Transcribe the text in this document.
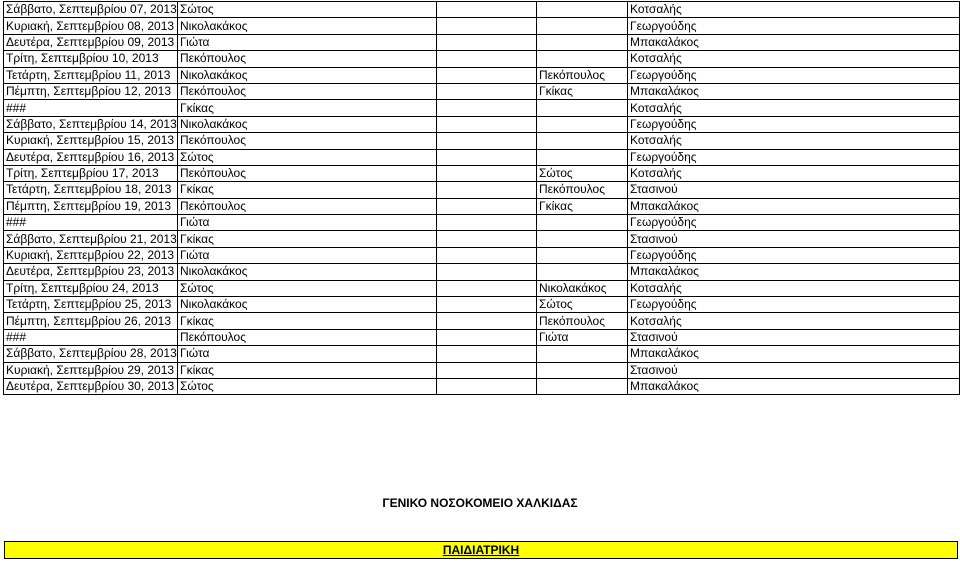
Σάββατο, Σεπτεμβρίου 07, 2013	Σώτος			Κοτσαλής
Κυριακή, Σεπτεμβρίου 08, 2013	Νικολακάκος			Γεωργούδης
Δευτέρα, Σεπτεμβρίου 09, 2013	Γιώτα			Μπακαλάκος
Τρίτη, Σεπτεμβρίου 10, 2013	Πεκόπουλος			Κοτσαλής
Τετάρτη, Σεπτεμβρίου 11, 2013	Νικολακάκος		Πεκόπουλος	Γεωργούδης
Πέμπτη, Σεπτεμβρίου 12, 2013	Πεκόπουλος		Γκίκας	Μπακαλάκος
###	Γκίκας			Κοτσαλής
Σάββατο, Σεπτεμβρίου 14, 2013	Νικολακάκος			Γεωργούδης
Κυριακή, Σεπτεμβρίου 15, 2013	Πεκόπουλος			Κοτσαλής
Δευτέρα, Σεπτεμβρίου 16, 2013	Σώτος			Γεωργούδης
Τρίτη, Σεπτεμβρίου 17, 2013	Πεκόπουλος		Σώτος	Κοτσαλής
Τετάρτη, Σεπτεμβρίου 18, 2013	Γκίκας		Πεκόπουλος	Στασινού
Πέμπτη, Σεπτεμβρίου 19, 2013	Πεκόπουλος		Γκίκας	Μπακαλάκος
###	Γιώτα			Γεωργούδης
Σάββατο, Σεπτεμβρίου 21, 2013	Γκίκας			Στασινού
Κυριακή, Σεπτεμβρίου 22, 2013	Γιώτα			Γεωργούδης
Δευτέρα, Σεπτεμβρίου 23, 2013	Νικολακάκος			Μπακαλάκος
Τρίτη, Σεπτεμβρίου 24, 2013	Σώτος		Νικολακάκος	Κοτσαλής
Τετάρτη, Σεπτεμβρίου 25, 2013	Νικολακάκος		Σώτος	Γεωργούδης
Πέμπτη, Σεπτεμβρίου 26, 2013	Γκίκας		Πεκόπουλος	Κοτσαλής
###	Πεκόπουλος		Γιώτα	Στασινού
Σάββατο, Σεπτεμβρίου 28, 2013	Γιώτα			Μπακαλάκος
Κυριακή, Σεπτεμβρίου 29, 2013	Γκίκας			Στασινού
Δευτέρα, Σεπτεμβρίου 30, 2013	Σώτος			Μπακαλάκος
ΓΕΝΙΚΟ ΝΟΣΟΚΟΜΕΙΟ ΧΑΛΚΙΔΑΣ
ΠΑΙΔΙΑΤΡΙΚΗ
